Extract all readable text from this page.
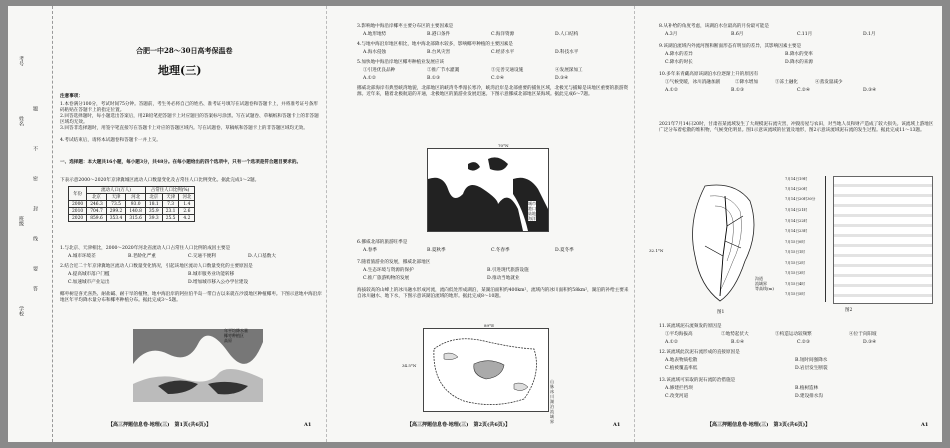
考号
姓名
密
封
线
班级
学校
不
要
答
题
合肥一中28～30日高考保温卷
地理(三)
注意事项：
1.本卷满分100分，考试时间75分钟。答题前，考生务必将自己的姓名、准考证号填写在试题卷和答题卡上，并将准考证号条形码粘贴在答题卡上的指定位置。
2.回答选择题时，每小题选出答案后，用2B铅笔把答题卡上对应题目的答案标号涂黑。写在试题卷、草稿纸和答题卡上的非答题区域均无效。
3.回答非选择题时，用签字笔直接写在答题卡上对应的答题区域内。写在试题卷、草稿纸和答题卡上的非答题区域均无效。
4.考试结束后，请将本试题卷和答题卡一并上交。
一、选择题：本大题共16小题，每小题3分，共48分。在每小题给出的四个选项中，只有一个选项是符合题目要求的。
下表示意2000～2020年京津冀城区流动人口数量变化及占常住人口比例变化。据此完成1～2题。
年份	流动人口(万人)			占常住人口比例(%)		
	北京	天津	河北	北京	天津	河北
2000	246.3	73.5	93.0	18.1	7.3	1.4
2010	704.7	299.2	140.8	35.9	23.1	2.6
2020	859.6	353.4	315.6	39.3	25.5	4.2
1.与北京、天津相比，2000～2020年河北省流动人口占常住人口比例的成因主要是
A.城市环境差	B.老龄化严重	C.交通不便利	D.人口基数大
2.结合近二十年京津冀地区流动人口数量变化情况，引起该地区流动人口数量变化的主要原因是
A.提高城市落户门槛	B.城市服务业功能转移
C.加速城市产业运出	D.增加城市移入公办学位建设
椰枣树是喜光喜热、耐盐碱、耐干旱的植物，地中海沿岸的阿拉伯半岛一带自古以来就在沙漠地区种植椰枣。下图示意地中海沿岸地区年平均降水量分布和椰枣种植分布。据此完成3～5题。
年平均降水量
椰枣种植区
高原
【高三押题信息卷·地理(三)　第1页(共6页)】	A1
3.影响地中海沿岸椰枣主要分布区的主要因素是
A.地形地势	B.港口条件	C.海洋资源	D.人口结构
4.与地中海沿岸地区相比，地中海北部降水较多，影响椰枣种植的主要因素是
A.海水侵蚀	B.台风灾害	C.经济水平	D.科技水平
5.加快地中海沿岸地区椰枣种植业发展应该
①引进优良品种	②推广节水灌溉	③完善交通设施	④发展深加工
A.①②	B.①③	C.②④	D.③④
挪威北部海岸有典型峡湾地貌，北部地区的峡湾冬季漫长寒冷，峡湾沿岸是北部重要的捕鱼区域，北极光与捕鲸是该地区重要的旅游资源。近年来，随着北极航道的开通，北极地区的旅游业发展迅速。下图示意挪威北部地区某海域。据此完成6～7题。
70°N
城市
港口
陆地
海洋
6.挪威北部的旅游旺季是
A.春季	B.夏秋季	C.冬春季	D.夏冬季
7.随着旅游业的发展，挪威北部地区
A.生态环境与资源的保护	B.引进现代旅游设施
C.推广旅游购物的发展	D.推动当地就业
海拔较高的山峰上的冰川融水形成河流，流向低处形成湖泊，某湖泊面积约400km²，流域内的冰川面积约58km²，湖泊的补给主要来自冰川融水、地下水，下图示意该湖泊流域的地形。据此完成8～10题。
89°E
34.5°N
山脉
冰川
湖泊
流域界
【高三押题信息卷·地理(三)　第2页(共6页)】	A1
8.从补给的角度考虑，该湖泊水位最高的月份最可能是
A.3月	B.6月	C.11月	D.1月
9.该湖泊流域内外流河图和断面形态有明显的差异，其影响因素主要是
A.降水的差异	B.降水的变率
C.降水的时长	D.降水的来源
10.多年来青藏高原该湖泊水位逐渐上升的原因有
①气候变暖，冰川消融加剧	②降水增加	③冻土融化	④蒸发量减少
A.①②	B.①③	C.②④	D.③④
2021年7月14日20时，甘肃省某流域发生了大规模泥石流灾害，冲毁房屋与农田，对当地人员和财产造成了较大损失。该流域上游地区广泛分布着松散的堆积物，气候变化明显。图1示意该流域的位置及地形，图2示意该流域泥石流的发生过程。据此完成11～13题。
32.1°N
沟道
流域界
等高线(m)
图1
7月14日19时
7月14日20时
7月14日20时30分
7月14日21时
7月14日22时
7月14日23时
7月15日0时
7月15日1时
7月15日2时
7月15日3时
7月15日4时
7月15日5时
图2
11.该流域泥石流频发的原因是
①平均海拔高	②地势起伏大	③构造运动较频繁	④位于向阳坡
A.①②	B.①④	C.②③	D.③④
12.该流域此次泥石流形成的直接原因是
A.地表物质松散	B.短时间强降水
C.植被覆盖率低	D.岩层发生断裂
13.该流域可采取的泥石流防治措施是
A.修建拦挡坝	B.植树造林
C.改变河道	D.建设排水沟
【高三押题信息卷·地理(三)　第3页(共6页)】	A1
